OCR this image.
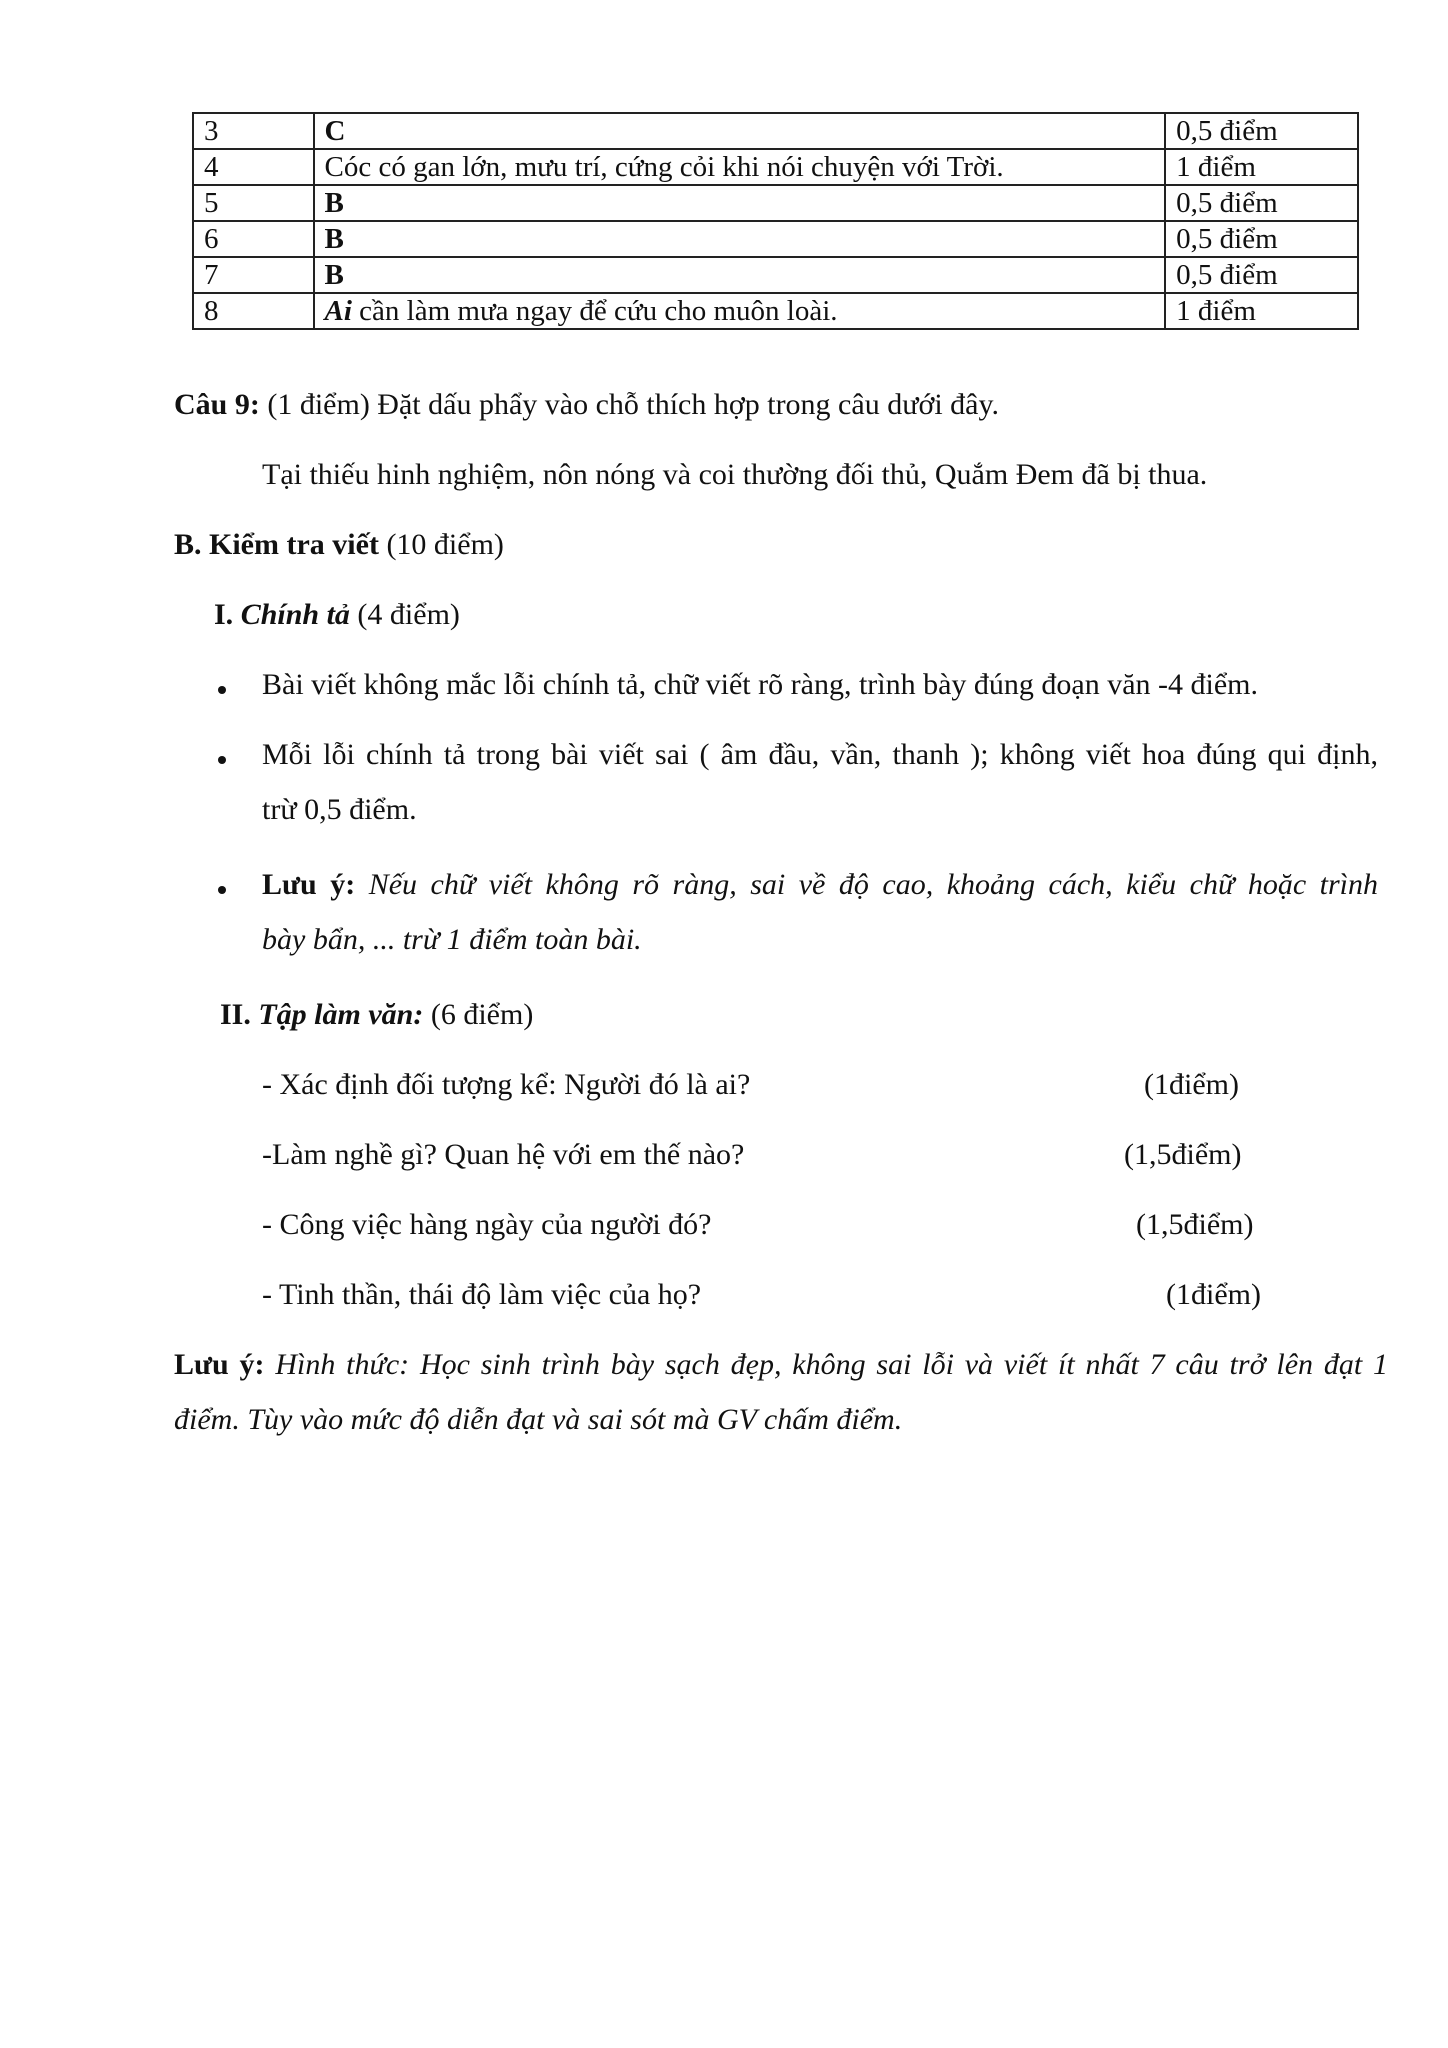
3	C	0,5 điểm
4	Cóc có gan lớn, mưu trí, cứng cỏi khi nói chuyện với Trời.	1 điểm
5	B	0,5 điểm
6	B	0,5 điểm
7	B	0,5 điểm
8	Ai cần làm mưa ngay để cứu cho muôn loài.	1 điểm
Câu 9: (1 điểm) Đặt dấu phẩy vào chỗ thích hợp trong câu dưới đây.
Tại thiếu hinh nghiệm, nôn nóng và coi thường đối thủ, Quắm Đem đã bị thua.
B. Kiểm tra viết (10 điểm)
I. Chính tả (4 điểm)
Bài viết không mắc lỗi chính tả, chữ viết rõ ràng, trình bày đúng đoạn văn -4 điểm.
Mỗi lỗi chính tả trong bài viết sai ( âm đầu, vần, thanh ); không viết hoa đúng qui định,
trừ 0,5 điểm.
Lưu ý: Nếu chữ viết không rõ ràng, sai về độ cao, khoảng cách, kiểu chữ hoặc trình
bày bẩn, ... trừ 1 điểm toàn bài.
II. Tập làm văn: (6 điểm)
- Xác định đối tượng kể: Người đó là ai?	(1điểm)
-Làm nghề gì? Quan hệ với em thế nào?	(1,5điểm)
- Công việc hàng ngày của người đó?	(1,5điểm)
- Tinh thần, thái độ làm việc của họ?	(1điểm)
Lưu ý: Hình thức: Học sinh trình bày sạch đẹp, không sai lỗi và viết ít nhất 7 câu trở lên đạt 1
điểm. Tùy vào mức độ diễn đạt và sai sót mà GV chấm điểm.
